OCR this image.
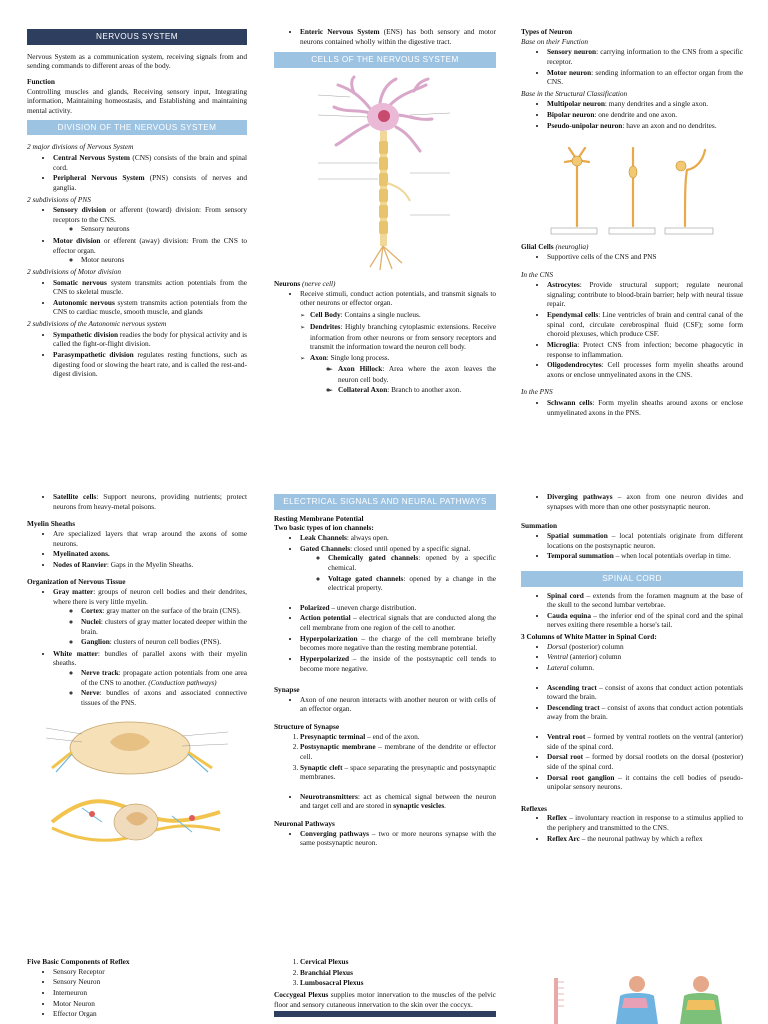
NERVOUS SYSTEM

Nervous System as a communication system, receiving signals from and sending commands to different areas of the body.

Function

Controlling muscles and glands, Receiving sensory input, Integrating information, Maintaining homeostasis, and Establishing and maintaining mental activity.

DIVISION OF THE NERVOUS SYSTEM
2 major divisions of Nervous System
• Central Nervous System (CNS) consists of the brain and spinal cord.
• Peripheral Nervous System (PNS) consists of nerves and ganglia.
2 subdivisions of PNS
• Sensory division or afferent (toward) division: From sensory receptors to the CNS.
◦ Sensory neurons
• Motor division or efferent (away) division: From the CNS to effector organ.
◦ Motor neurons
2 subdivisions of Motor division
• Somatic nervous system transmits action potentials from the CNS to skeletal muscle.
• Autonomic nervous system transmits action potentials from the CNS to cardiac muscle, smooth muscle, and glands
2 subdivisions of the Autonomic nervous system
• Sympathetic division readies the body for physical activity and is called the fight-or-flight division.
• Parasympathetic division regulates resting functions, such as digesting food or slowing the heart rate, and is called the rest-and-digest division.
• Enteric Nervous System (ENS) has both sensory and motor neurons contained wholly within the digestive tract.
CELLS OF THE NERVOUS SYSTEM
Neurons (nerve cell)
• Receive stimuli, conduct action potentials, and transmit signals to other neurons or effector organ.
➢ Cell Body: Contains a single nucleus.
➢ Dendrites: Highly branching cytoplasmic extensions. Receive information from other neurons or from sensory receptors and transmit the information toward the neuron cell body.
➢ Axon: Single long process.
➢ ◦ Axon Hillock: Area where the axon leaves the neuron cell body.
➢ ◦ Collateral Axon: Branch to another axon.
Types of Neuron
Base on their Function
• Sensory neuron: carrying information to the CNS from a specific receptor.
• Motor neuron: sending information to an effector organ from the CNS.
Base in the Structural Classification
• Multipolar neuron: many dendrites and a single axon.
• Bipolar neuron: one dendrite and one axon.
• Pseudo-unipolar neuron: have an axon and no dendrites.
Glial Cells (neuroglia)
• Supportive cells of the CNS and PNS
In the CNS
• Astrocytes: Provide structural support; regulate neuronal signaling; contribute to blood-brain barrier; help with neural tissue repair.
• Ependymal cells: Line ventricles of brain and central canal of the spinal cord, circulate cerebrospinal fluid (CSF); some form choroid plexuses, which produce CSF.
• Microglia: Protect CNS from infection; become phagocytic in response to inflammation.
• Oligodendrocytes: Cell processes form myelin sheaths around axons or enclose unmyelinated axons in the CNS.
In the PNS
• Schwann cells: Form myelin sheaths around axons or enclose unmyelinated axons in the PNS.
• Satellite cells: Support neurons, providing nutrients; protect neurons from heavy-metal poisons.
Myelin Sheaths
• Are specialized layers that wrap around the axons of some neurons.
• Myelinated axons.
• Nodes of Ranvier: Gaps in the Myelin Sheaths.
Organization of Nervous Tissue
• Gray matter: groups of neuron cell bodies and their dendrites, where there is very little myelin.
◦ Cortex: gray matter on the surface of the brain (CNS).
◦ Nuclei: clusters of gray matter located deeper within the brain.
◦ Ganglion: clusters of neuron cell bodies (PNS).
• White matter: bundles of parallel axons with their myelin sheaths.
◦ Nerve track: propagate action potentials from one area of the CNS to another. (Conduction pathways)
◦ Nerve: bundles of axons and associated connective tissues of the PNS.
ELECTRICAL SIGNALS AND NEURAL PATHWAYS
Resting Membrane Potential
Two basic types of ion channels:
• Leak Channels: always open.
• Gated Channels: closed until opened by a specific signal.
◦ Chemically gated channels: opened by a specific chemical.
◦ Voltage gated channels: opened by a change in the electrical property.
• Polarized – uneven charge distribution.
• Action potential – electrical signals that are conducted along the cell membrane from one region of the cell to another.
• Hyperpolarization – the charge of the cell membrane briefly becomes more negative than the resting membrane potential.
• Hyperpolarized – the inside of the postsynaptic cell tends to become more negative.
Synapse
• Axon of one neuron interacts with another neuron or with cells of an effector organ.
Structure of Synapse
1. Presynaptic terminal – end of the axon.
2. Postsynaptic membrane – membrane of the dendrite or effector cell.
3. Synaptic cleft – space separating the presynaptic and postsynaptic membranes.
• Neurotransmitters: act as chemical signal between the neuron and target cell and are stored in synaptic vesicles.
Neuronal Pathways
• Converging pathways – two or more neurons synapse with the same postsynaptic neuron.
• Diverging pathways – axon from one neuron divides and synapses with more than one other postsynaptic neuron.
Summation
• Spatial summation – local potentials originate from different locations on the postsynaptic neuron.
• Temporal summation – when local potentials overlap in time.
SPINAL CORD
• Spinal cord – extends from the foramen magnum at the base of the skull to the second lumbar vertebrae.
• Cauda equina – the inferior end of the spinal cord and the spinal nerves exiting there resemble a horse's tail.
3 Columns of White Matter in Spinal Cord:
• Dorsal (posterior) column
• Ventral (anterior) column
• Lateral column.
• Ascending tract – consist of axons that conduct action potentials toward the brain.
• Descending tract – consist of axons that conduct action potentials away from the brain.
• Ventral root – formed by ventral rootlets on the ventral (anterior) side of the spinal cord.
• Dorsal root – formed by dorsal rootlets on the dorsal (posterior) side of the spinal cord.
• Dorsal root ganglion – it contains the cell bodies of pseudo-unipolar sensory neurons.
Reflexes
• Reflex – involuntary reaction in response to a stimulus applied to the periphery and transmitted to the CNS.
• Reflex Arc – the neuronal pathway by which a reflex
Five Basic Components of Reflex
• Sensory Receptor
• Sensory Neuron
• Interneuron
• Motor Neuron
• Effector Organ
1. Cervical Plexus
2. Branchial Plexus
3. Lumbosacral Plexus

Coccygeal Plexus supplies motor innervation to the muscles of the pelvic floor and sensory cutaneous innervation to the skin over the coccyx.
